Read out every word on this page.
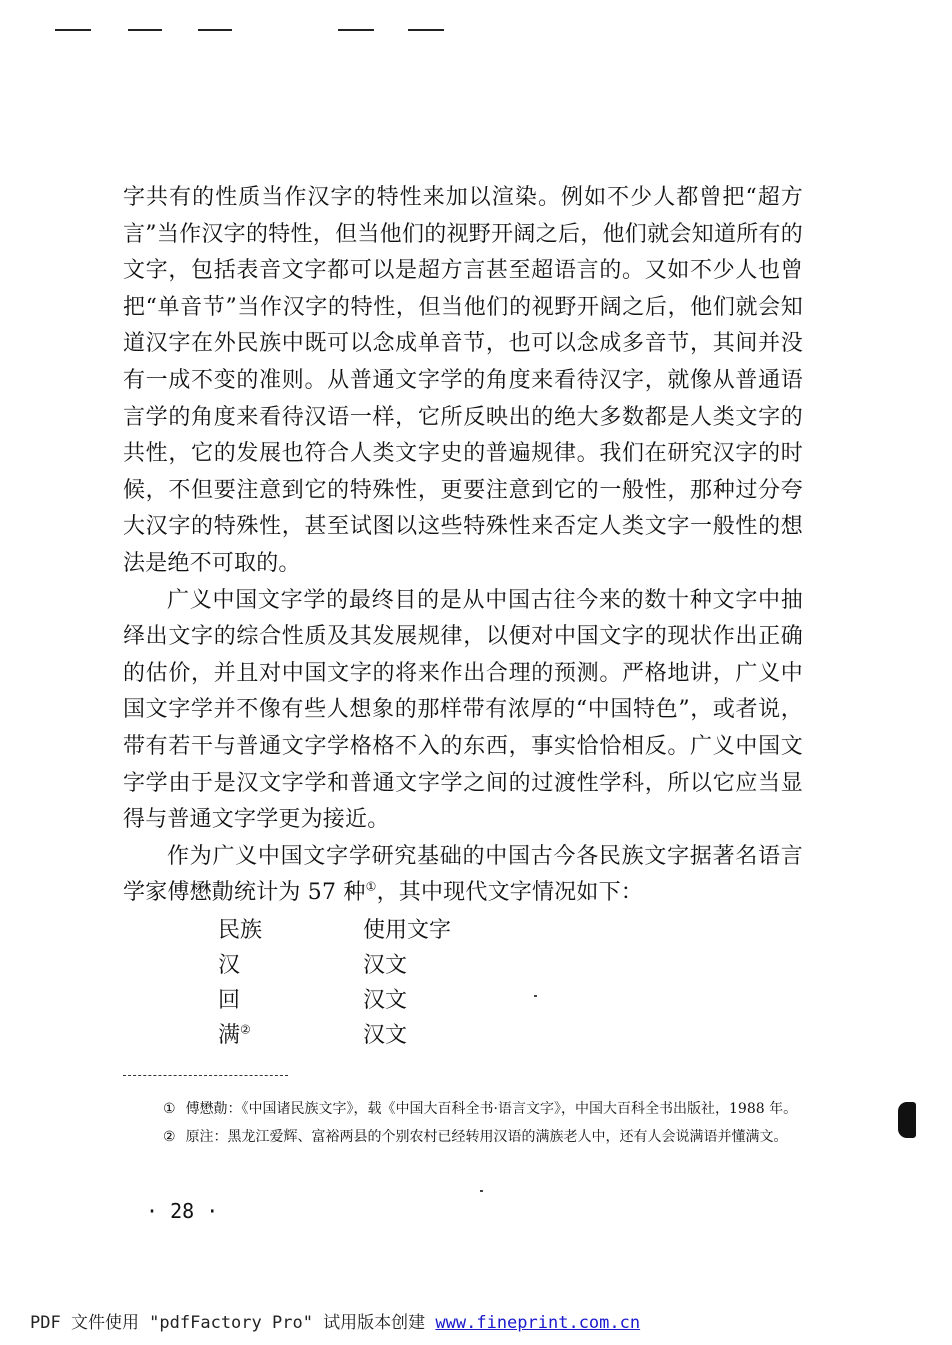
字共有的性质当作汉字的特性来加以渲染。例如不少人都曾把“超方言”当作汉字的特性，但当他们的视野开阔之后，他们就会知道所有的文字，包括表音文字都可以是超方言甚至超语言的。又如不少人也曾把“单音节”当作汉字的特性，但当他们的视野开阔之后，他们就会知道汉字在外民族中既可以念成单音节，也可以念成多音节，其间并没有一成不变的准则。从普通文字学的角度来看待汉字，就像从普通语言学的角度来看待汉语一样，它所反映出的绝大多数都是人类文字的共性，它的发展也符合人类文字史的普遍规律。我们在研究汉字的时候，不但要注意到它的特殊性，更要注意到它的一般性，那种过分夸大汉字的特殊性，甚至试图以这些特殊性来否定人类文字一般性的想法是绝不可取的。

广义中国文字学的最终目的是从中国古往今来的数十种文字中抽绎出文字的综合性质及其发展规律，以便对中国文字的现状作出正确的估价，并且对中国文字的将来作出合理的预测。严格地讲，广义中国文字学并不像有些人想象的那样带有浓厚的“中国特色”，或者说，带有若干与普通文字学格格不入的东西，事实恰恰相反。广义中国文字学由于是汉文字学和普通文字学之间的过渡性学科，所以它应当显得与普通文字学更为接近。

作为广义中国文字学研究基础的中国古今各民族文字据著名语言学家傅懋勣统计为 57 种①，其中现代文字情况如下：

民族	使用文字
汉	汉文
回	汉文
满②	汉文

① 傅懋勣：《中国诸民族文字》，载《中国大百科全书·语言文字》，中国大百科全书出版社，1988 年。

② 原注：黑龙江爱辉、富裕两县的个别农村已经转用汉语的满族老人中，还有人会说满语并懂满文。

· 28 ·
PDF 文件使用 "pdfFactory Pro" 试用版本创建 www.fineprint.com.cn
